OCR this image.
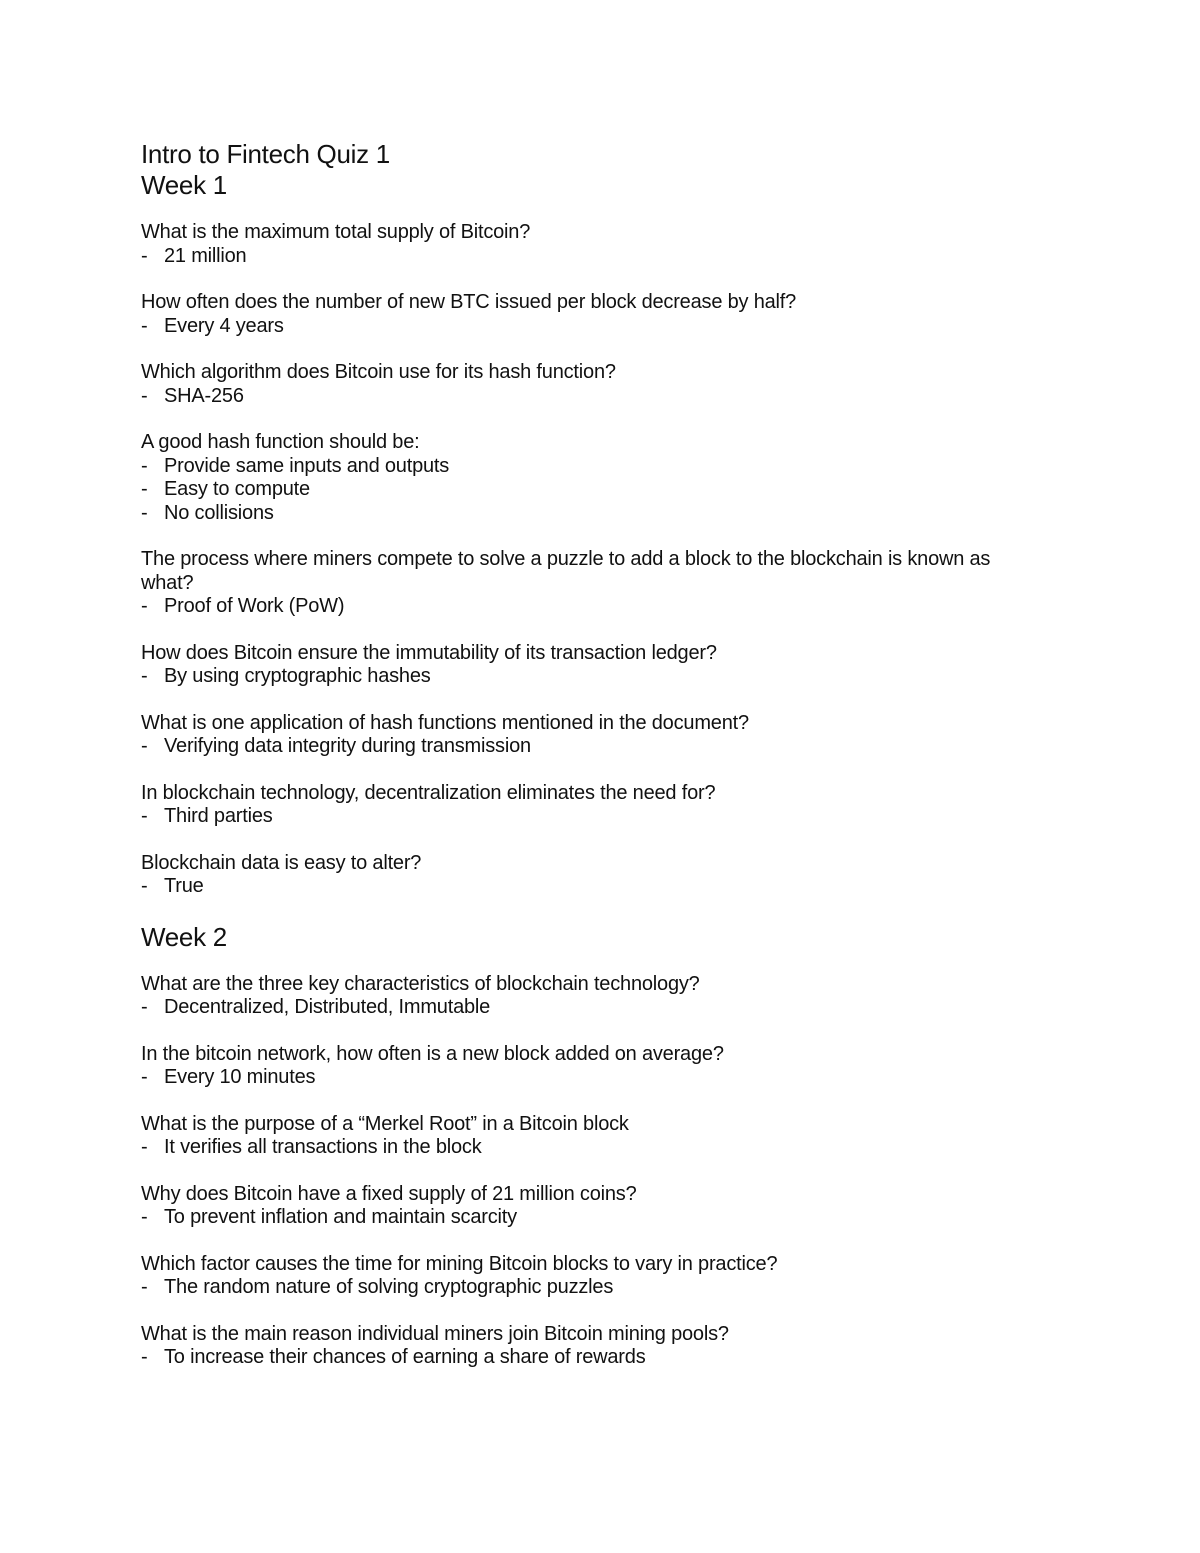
Intro to Fintech Quiz 1
Week 1

What is the maximum total supply of Bitcoin?

- 21 million

How often does the number of new BTC issued per block decrease by half?

- Every 4 years

Which algorithm does Bitcoin use for its hash function?

- SHA-256

A good hash function should be:

- Provide same inputs and outputs

- Easy to compute

- No collisions

The process where miners compete to solve a puzzle to add a block to the blockchain is known as what?

- Proof of Work (PoW)

How does Bitcoin ensure the immutability of its transaction ledger?

- By using cryptographic hashes

What is one application of hash functions mentioned in the document?

- Verifying data integrity during transmission

In blockchain technology, decentralization eliminates the need for?

- Third parties

Blockchain data is easy to alter?

- True

Week 2

What are the three key characteristics of blockchain technology?

- Decentralized, Distributed, Immutable

In the bitcoin network, how often is a new block added on average?

- Every 10 minutes

What is the purpose of a “Merkel Root” in a Bitcoin block

- It verifies all transactions in the block

Why does Bitcoin have a fixed supply of 21 million coins?

- To prevent inflation and maintain scarcity

Which factor causes the time for mining Bitcoin blocks to vary in practice?

- The random nature of solving cryptographic puzzles

What is the main reason individual miners join Bitcoin mining pools?

- To increase their chances of earning a share of rewards
